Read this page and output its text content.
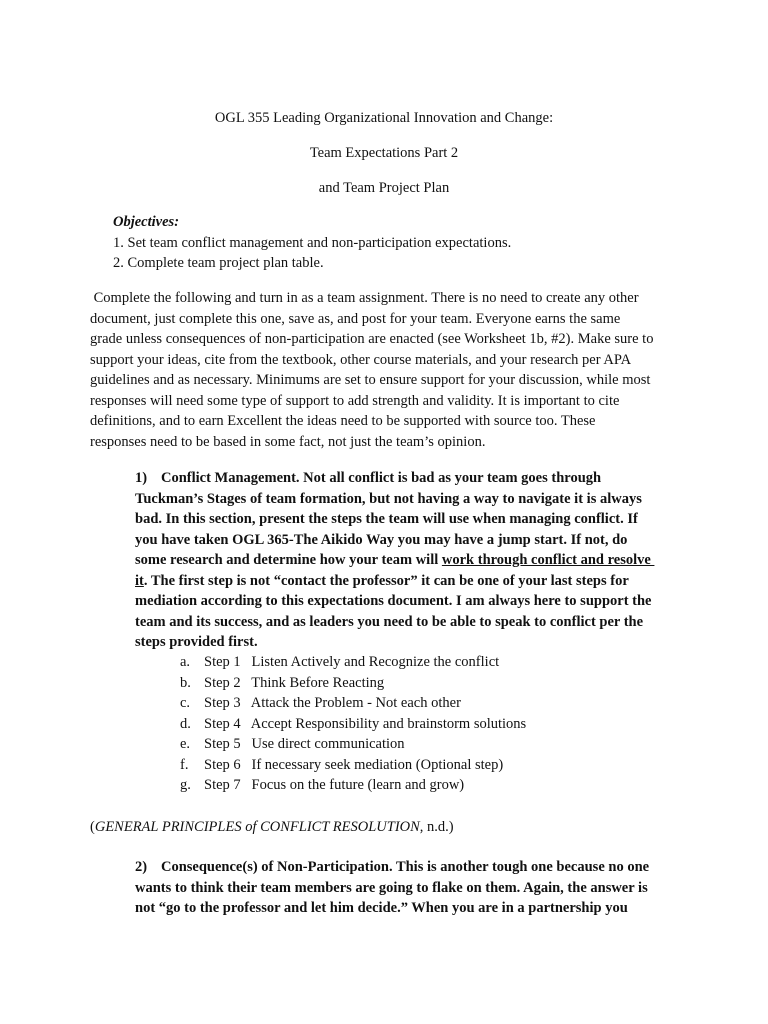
OGL 355 Leading Organizational Innovation and Change:
Team Expectations Part 2
and Team Project Plan
Objectives:
1. Set team conflict management and non-participation expectations.
2. Complete team project plan table.
Complete the following and turn in as a team assignment. There is no need to create any other
document, just complete this one, save as, and post for your team. Everyone earns the same
grade unless consequences of non-participation are enacted (see Worksheet 1b, #2). Make sure to
support your ideas, cite from the textbook, other course materials, and your research per APA
guidelines and as necessary. Minimums are set to ensure support for your discussion, while most
responses will need some type of support to add strength and validity. It is important to cite
definitions, and to earn Excellent the ideas need to be supported with source too. These
responses need to be based in some fact, not just the team’s opinion.
1) Conflict Management. Not all conflict is bad as your team goes through
Tuckman’s Stages of team formation, but not having a way to navigate it is always
bad. In this section, present the steps the team will use when managing conflict. If
you have taken OGL 365-The Aikido Way you may have a jump start. If not, do
some research and determine how your team will work through conflict and resolve
it. The first step is not “contact the professor” it can be one of your last steps for
mediation according to this expectations document. I am always here to support the
team and its success, and as leaders you need to be able to speak to conflict per the
steps provided first.
a. Step 1   Listen Actively and Recognize the conflict
b. Step 2   Think Before Reacting
c. Step 3   Attack the Problem - Not each other
d. Step 4   Accept Responsibility and brainstorm solutions
e. Step 5   Use direct communication
f. Step 6   If necessary seek mediation (Optional step)
g. Step 7   Focus on the future (learn and grow)
(GENERAL PRINCIPLES of CONFLICT RESOLUTION, n.d.)
2) Consequence(s) of Non-Participation. This is another tough one because no one
wants to think their team members are going to flake on them. Again, the answer is
not “go to the professor and let him decide.” When you are in a partnership you
